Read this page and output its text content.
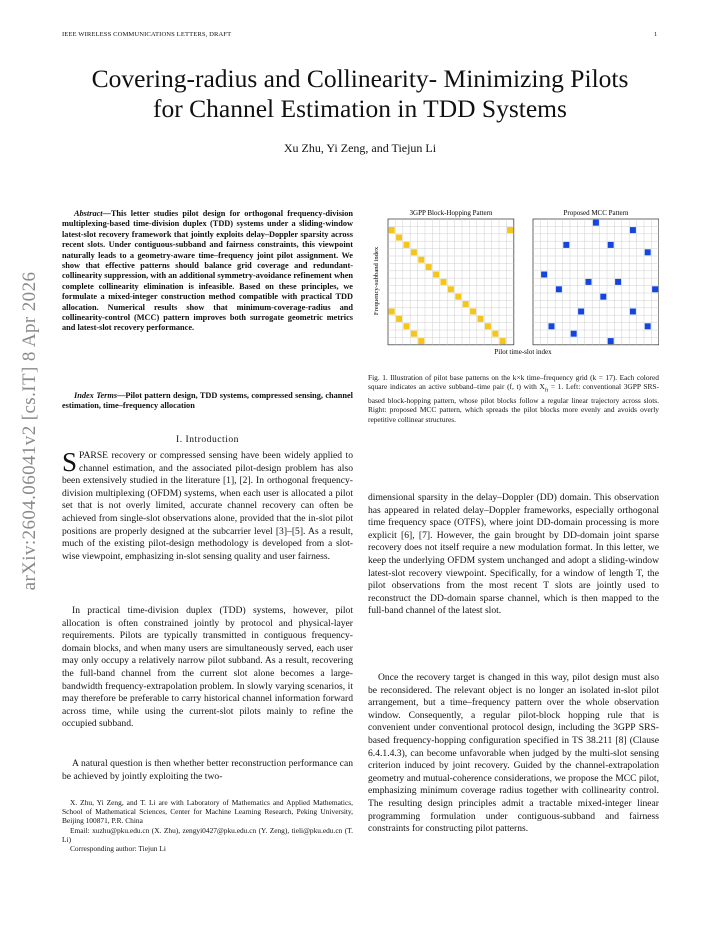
IEEE WIRELESS COMMUNICATIONS LETTERS, DRAFT	1
Covering-radius and Collinearity- Minimizing Pilots
for Channel Estimation in TDD Systems
Xu Zhu, Yi Zeng, and Tiejun Li
arXiv:2604.06041v2 [cs.IT] 8 Apr 2026
Abstract—This letter studies pilot design for orthogonal frequency-division multiplexing-based time-division duplex (TDD) systems under a sliding-window latest-slot recovery framework that jointly exploits delay–Doppler sparsity across recent slots. Under contiguous-subband and fairness constraints, this viewpoint naturally leads to a geometry-aware time–frequency joint pilot assignment. We show that effective patterns should balance grid coverage and redundant-collinearity suppression, with an additional symmetry-avoidance refinement when complete collinearity elimination is infeasible. Based on these principles, we formulate a mixed-integer construction method compatible with practical TDD allocation. Numerical results show that minimum-coverage-radius and collinearity-control (MCC) pattern improves both surrogate geometric metrics and latest-slot recovery performance.
Index Terms—Pilot pattern design, TDD systems, compressed sensing, channel estimation, time–frequency allocation
I. Introduction
SPARSE recovery or compressed sensing have been widely applied to channel estimation, and the associated pilot-design problem has also been extensively studied in the literature [1], [2]. In orthogonal frequency-division multiplexing (OFDM) systems, when each user is allocated a pilot set that is not overly limited, accurate channel recovery can often be achieved from single-slot observations alone, provided that the in-slot pilot positions are properly designed at the subcarrier level [3]–[5]. As a result, much of the existing pilot-design methodology is developed from a slot-wise viewpoint, emphasizing in-slot sensing quality and user fairness.
In practical time-division duplex (TDD) systems, however, pilot allocation is often constrained jointly by protocol and physical-layer requirements. Pilots are typically transmitted in contiguous frequency-domain blocks, and when many users are simultaneously served, each user may only occupy a relatively narrow pilot subband. As a result, recovering the full-band channel from the current slot alone becomes a large-bandwidth frequency-extrapolation problem. In slowly varying scenarios, it may therefore be preferable to carry historical channel information forward across time, while using the current-slot pilots mainly to refine the occupied subband.
A natural question is then whether better reconstruction performance can be achieved by jointly exploiting the two-
X. Zhu, Yi Zeng, and T. Li are with Laboratory of Mathematics and Applied Mathematics, School of Mathematical Sciences, Center for Machine Learning Research, Peking University, Beijing 100871, P.R. China
Email: xuzhu@pku.edu.cn (X. Zhu), zengyi0427@pku.edu.cn (Y. Zeng), tieli@pku.edu.cn (T. Li)
Corresponding author: Tiejun Li
3GPP Block-Hopping Pattern	Proposed MCC Pattern
Frequency-subband index
Pilot time-slot index
Fig. 1. Illustration of pilot base patterns on the k×k time–frequency grid (k = 17). Each colored square indicates an active subband–time pair (f, t) with $X_{ft} = 1$. Left: conventional 3GPP SRS-based block-hopping pattern, whose pilot blocks follow a regular linear trajectory across slots. Right: proposed MCC pattern, which spreads the pilot blocks more evenly and avoids overly repetitive collinear structures.
dimensional sparsity in the delay–Doppler (DD) domain. This observation has appeared in related delay–Doppler frameworks, especially orthogonal time frequency space (OTFS), where joint DD-domain processing is more explicit [6], [7]. However, the gain brought by DD-domain joint sparse recovery does not itself require a new modulation format. In this letter, we keep the underlying OFDM system unchanged and adopt a sliding-window latest-slot recovery viewpoint. Specifically, for a window of length T, the pilot observations from the most recent T slots are jointly used to reconstruct the DD-domain sparse channel, which is then mapped to the full-band channel of the latest slot.
Once the recovery target is changed in this way, pilot design must also be reconsidered. The relevant object is no longer an isolated in-slot pilot arrangement, but a time–frequency pattern over the whole observation window. Consequently, a regular pilot-block hopping rule that is convenient under conventional protocol design, including the 3GPP SRS-based frequency-hopping configuration specified in TS 38.211 [8] (Clause 6.4.1.4.3), can become unfavorable when judged by the multi-slot sensing criterion induced by joint recovery. Guided by the channel-extrapolation geometry and mutual-coherence considerations, we propose the MCC pilot, emphasizing minimum coverage radius together with collinearity control. The resulting design principles admit a tractable mixed-integer linear programming formulation under contiguous-subband and fairness constraints for constructing pilot patterns.
